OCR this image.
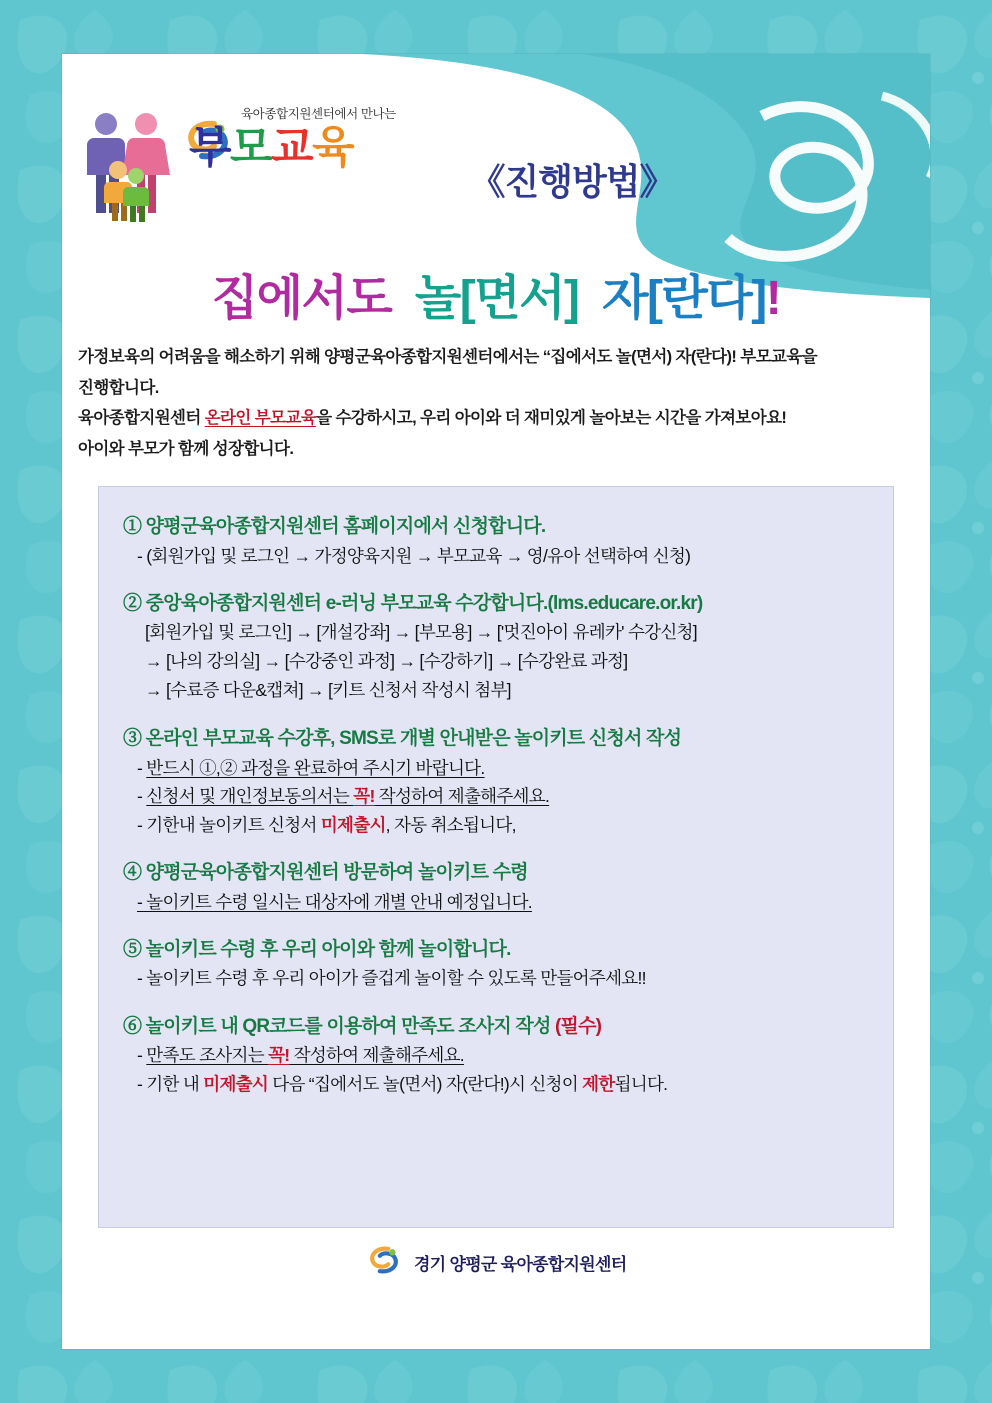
육아종합지원센터에서 만나는
부모교육
《진행방법》
집에서도 놀[면서] 자[란다]!
가정보육의 어려움을 해소하기 위해 양평군육아종합지원센터에서는 “집에서도 놀(면서) 자(란다)! 부모교육을
진행합니다.
육아종합지원센터 온라인 부모교육을 수강하시고, 우리 아이와 더 재미있게 놀아보는 시간을 가져보아요!
아이와 부모가 함께 성장합니다.
① 양평군육아종합지원센터 홈페이지에서 신청합니다.
- (회원가입 및 로그인 → 가정양육지원 → 부모교육 → 영/유아 선택하여 신청)
② 중앙육아종합지원센터 e-러닝 부모교육 수강합니다.(lms.educare.or.kr)
[회원가입 및 로그인] → [개설강좌] → [부모용] → ['멋진아이 유레카' 수강신청]
→ [나의 강의실] → [수강중인 과정] → [수강하기] → [수강완료 과정]
→ [수료증 다운&캡쳐] → [키트 신청서 작성시 첨부]
③ 온라인 부모교육 수강후, SMS로 개별 안내받은 놀이키트 신청서 작성
- 반드시 ①,② 과정을 완료하여 주시기 바랍니다.
- 신청서 및 개인정보동의서는 꼭! 작성하여 제출해주세요.
- 기한내 놀이키트 신청서 미제출시, 자동 취소됩니다,
④ 양평군육아종합지원센터 방문하여 놀이키트 수령
- 놀이키트 수령 일시는 대상자에 개별 안내 예정입니다.
⑤ 놀이키트 수령 후 우리 아이와 함께 놀이합니다.
- 놀이키트 수령 후 우리 아이가 즐겁게 놀이할 수 있도록 만들어주세요!!
⑥ 놀이키트 내 QR코드를 이용하여 만족도 조사지 작성 (필수)
- 만족도 조사지는 꼭! 작성하여 제출해주세요.
- 기한 내 미제출시 다음 “집에서도 놀(면서) 자(란다!)시 신청이 제한됩니다.
경기 양평군 육아종합지원센터
